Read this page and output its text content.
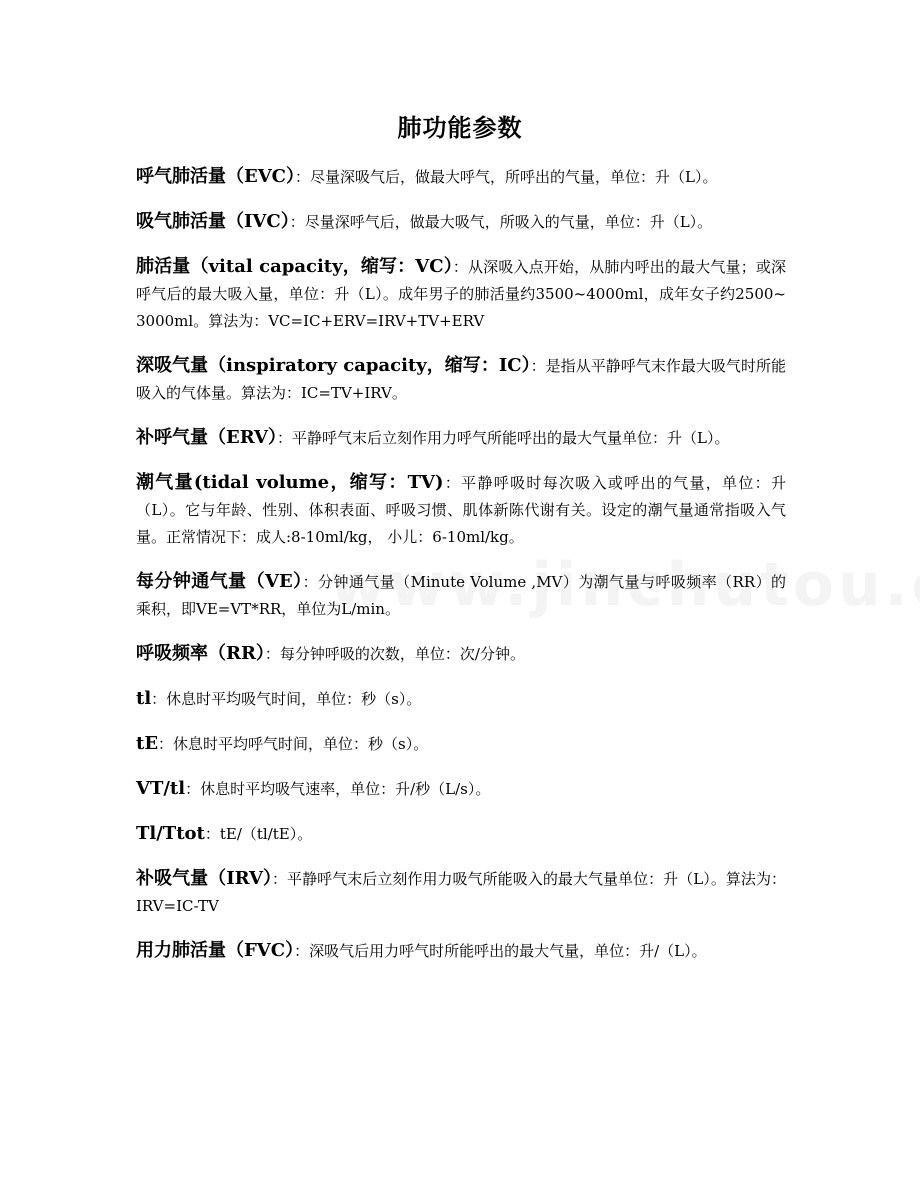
肺功能参数

呼气肺活量（EVC）：尽量深吸气后，做最大呼气，所呼出的气量，单位：升（L）。

吸气肺活量（IVC）：尽量深呼气后，做最大吸气，所吸入的气量，单位：升（L）。

肺活量（vital capacity，缩写：VC）：从深吸入点开始，从肺内呼出的最大气量；或深呼气后的最大吸入量，单位：升（L）。成年男子的肺活量约3500~4000ml，成年女子约2500~3000ml。算法为：VC=IC+ERV=IRV+TV+ERV

深吸气量（inspiratory capacity，缩写：IC）：是指从平静呼气末作最大吸气时所能吸入的气体量。算法为：IC=TV+IRV。

补呼气量（ERV）：平静呼气末后立刻作用力呼气所能呼出的最大气量单位：升（L）。

潮气量(tidal volume，缩写：TV)：平静呼吸时每次吸入或呼出的气量，单位：升（L）。它与年龄、性别、体积表面、呼吸习惯、肌体新陈代谢有关。设定的潮气量通常指吸入气量。正常情况下：成人:8-10ml/kg， 小儿：6-10ml/kg。

每分钟通气量（VE）：分钟通气量（Minute Volume ,MV）为潮气量与呼吸频率（RR）的乘积，即VE=VT*RR，单位为L/min。

呼吸频率（RR）：每分钟呼吸的次数，单位：次/分钟。

tl：休息时平均吸气时间，单位：秒（s）。

tE：休息时平均呼气时间，单位：秒（s）。

VT/tl：休息时平均吸气速率，单位：升/秒（L/s）。

Tl/Ttot：tE/（tl/tE）。

补吸气量（IRV）：平静呼气末后立刻作用力吸气所能吸入的最大气量单位：升（L）。算法为：IRV=IC-TV

用力肺活量（FVC）：深吸气后用力呼气时所能呼出的最大气量，单位：升/（L）。
